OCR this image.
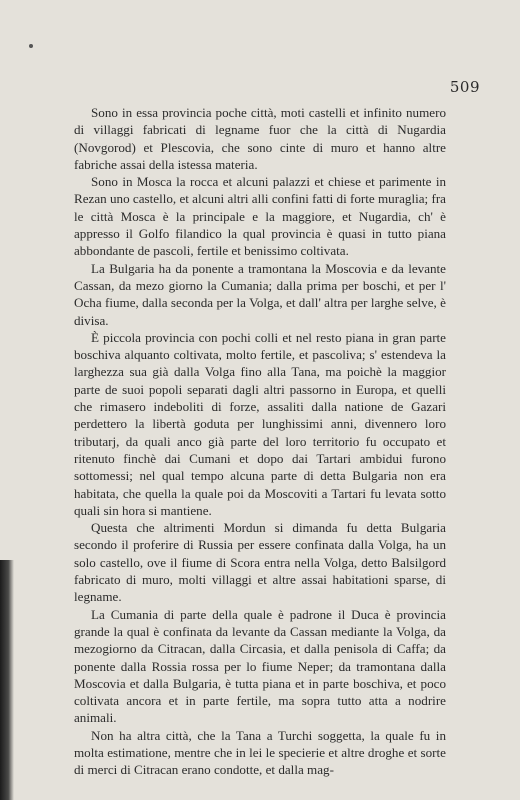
509

Sono in essa provincia poche città, moti castelli et infinito numero di villaggi fabricati di legname fuor che la città di Nugardia (Novgorod) et Plescovia, che sono cinte di muro et hanno altre fabriche assai della istessa materia.

Sono in Mosca la rocca et alcuni palazzi et chiese et parimente in Rezan uno castello, et alcuni altri alli confini fatti di forte muraglia; fra le città Mosca è la principale e la maggiore, et Nugardia, ch' è appresso il Golfo filandico la qual provincia è quasi in tutto piana abbondante de pascoli, fertile et benissimo coltivata.

La Bulgaria ha da ponente a tramontana la Moscovia e da levante Cassan, da mezo giorno la Cumania; dalla prima per boschi, et per l' Ocha fiume, dalla seconda per la Volga, et dall' altra per larghe selve, è divisa.

È piccola provincia con pochi colli et nel resto piana in gran parte boschiva alquanto coltivata, molto fertile, et pascoliva; s' estendeva la larghezza sua già dalla Volga fino alla Tana, ma poichè la maggior parte de suoi popoli separati dagli altri passorno in Europa, et quelli che rimasero indeboliti di forze, assaliti dalla natione de Gazari perdettero la libertà goduta per lunghissimi anni, divennero loro tributarj, da quali anco già parte del loro territorio fu occupato et ritenuto finchè dai Cumani et dopo dai Tartari ambidui furono sottomessi; nel qual tempo alcuna parte di detta Bulgaria non era habitata, che quella la quale poi da Moscoviti a Tartari fu levata sotto quali sin hora si mantiene.

Questa che altrimenti Mordun si dimanda fu detta Bulgaria secondo il proferire di Russia per essere confinata dalla Volga, ha un solo castello, ove il fiume di Scora entra nella Volga, detto Balsilgord fabricato di muro, molti villaggi et altre assai habitationi sparse, di legname.

La Cumania di parte della quale è padrone il Duca è provincia grande la qual è confinata da levante da Cassan mediante la Volga, da mezogiorno da Citracan, dalla Circasia, et dalla penisola di Caffa; da ponente dalla Rossia rossa per lo fiume Neper; da tramontana dalla Moscovia et dalla Bulgaria, è tutta piana et in parte boschiva, et poco coltivata ancora et in parte fertile, ma sopra tutto atta a nodrire animali.

Non ha altra città, che la Tana a Turchi soggetta, la quale fu in molta estimatione, mentre che in lei le specierie et altre droghe et sorte di merci di Citracan erano condotte, et dalla mag-
